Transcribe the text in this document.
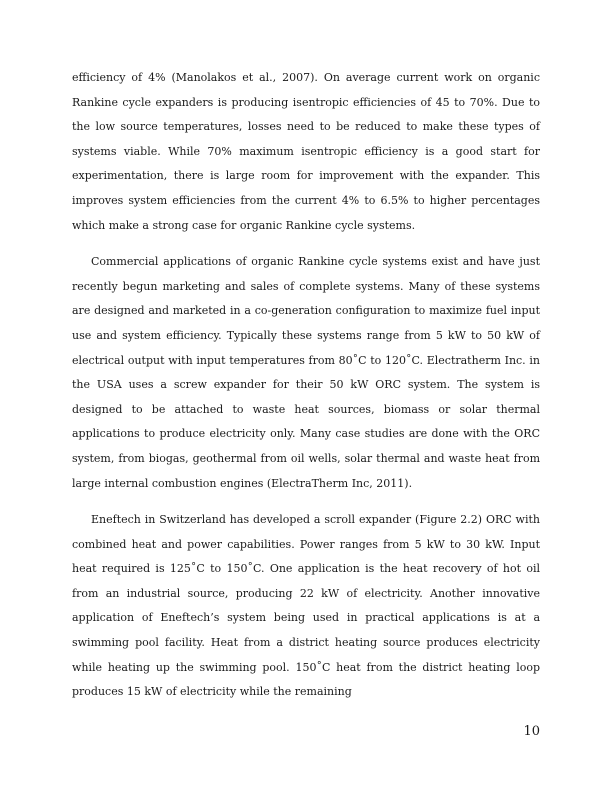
efficiency of 4% (Manolakos et al., 2007). On average current work on organic Rankine cycle expanders is producing isentropic efficiencies of 45 to 70%. Due to the low source temperatures, losses need to be reduced to make these types of systems viable. While 70% maximum isentropic efficiency is a good start for experimentation, there is large room for improvement with the expander. This improves system efficiencies from the current 4% to 6.5% to higher percentages which make a strong case for organic Rankine cycle systems.

Commercial applications of organic Rankine cycle systems exist and have just recently begun marketing and sales of complete systems. Many of these systems are designed and marketed in a co-generation configuration to maximize fuel input use and system efficiency. Typically these systems range from 5 kW to 50 kW of electrical output with input temperatures from 80˚C to 120˚C. Electratherm Inc. in the USA uses a screw expander for their 50 kW ORC system. The system is designed to be attached to waste heat sources, biomass or solar thermal applications to produce electricity only. Many case studies are done with the ORC system, from biogas, geothermal from oil wells, solar thermal and waste heat from large internal combustion engines (ElectraTherm Inc, 2011).

Eneftech in Switzerland has developed a scroll expander (Figure 2.2) ORC with combined heat and power capabilities. Power ranges from 5 kW to 30 kW. Input heat required is 125˚C to 150˚C. One application is the heat recovery of hot oil from an industrial source, producing 22 kW of electricity. Another innovative application of Eneftech’s system being used in practical applications is at a swimming pool facility. Heat from a district heating source produces electricity while heating up the swimming pool. 150˚C heat from the district heating loop produces 15 kW of electricity while the remaining

10
